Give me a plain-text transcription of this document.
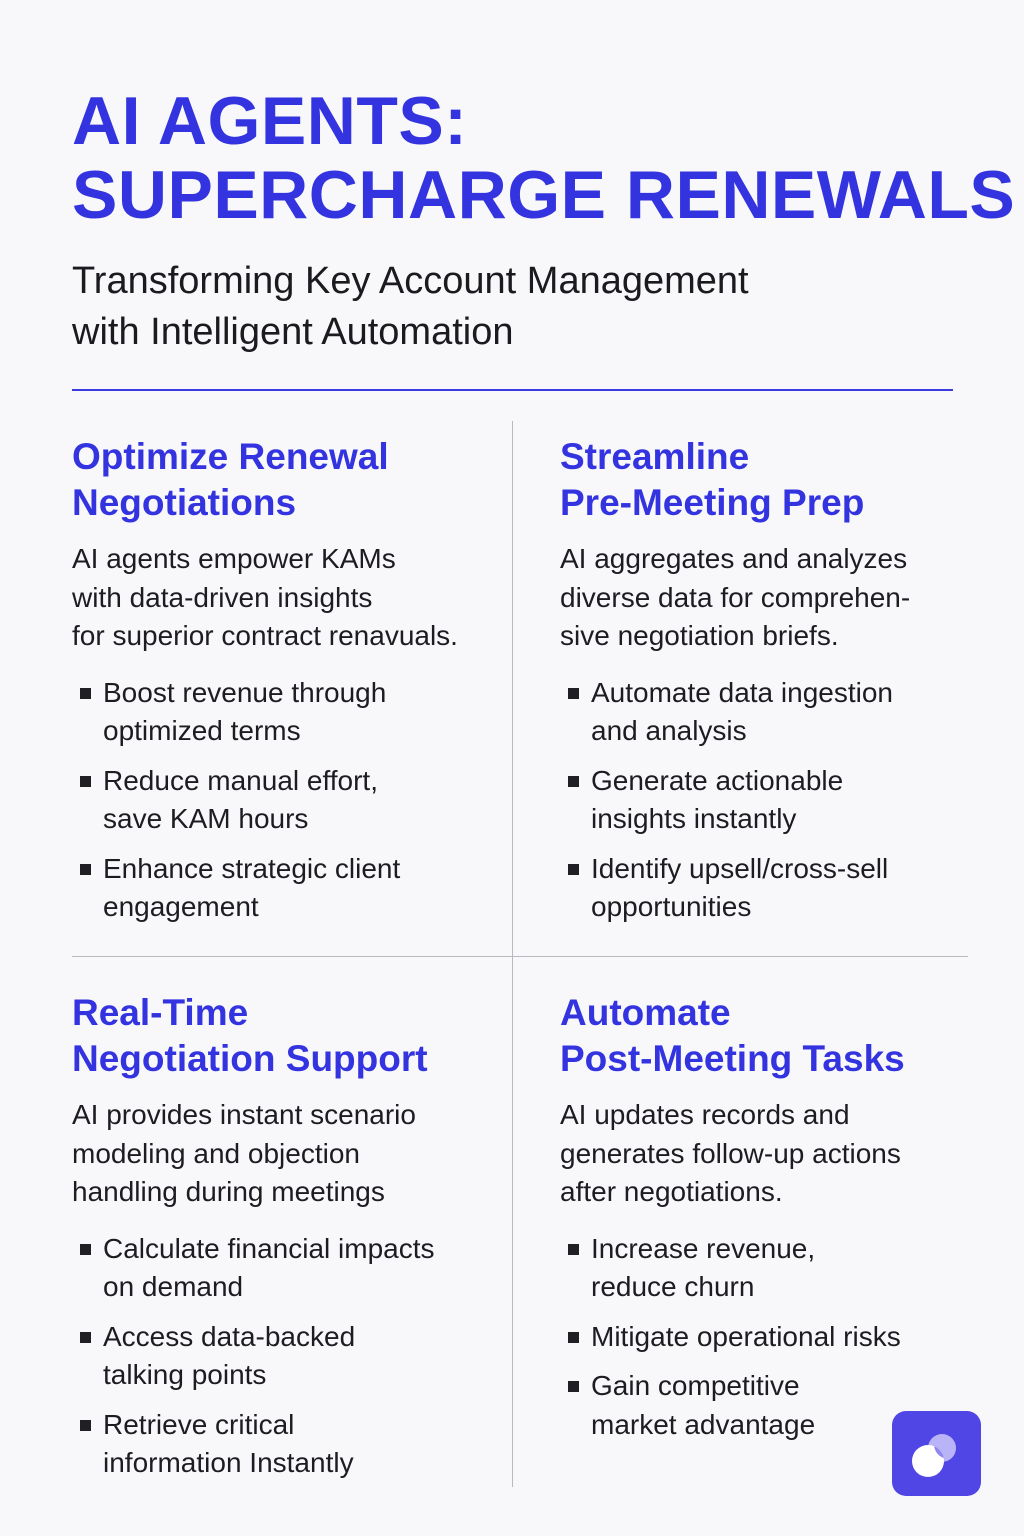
AI AGENTS:
SUPERCHARGE RENEWALS

Transforming Key Account Management
with Intelligent Automation

Optimize Renewal
Negotiations

AI agents empower KAMs
with data-driven insights
for superior contract renavuals.

Boost revenue through
optimized terms
Reduce manual effort,
save KAM hours
Enhance strategic client
engagement
Streamline
Pre-Meeting Prep

AI aggregates and analyzes
diverse data for comprehen-
sive negotiation briefs.

Automate data ingestion
and analysis
Generate actionable
insights instantly
Identify upsell/cross-sell
opportunities
Real-Time
Negotiation Support

AI provides instant scenario
modeling and objection
handling during meetings

Calculate financial impacts
on demand
Access data-backed
talking points
Retrieve critical
information Instantly
Automate
Post-Meeting Tasks

AI updates records and
generates follow-up actions
after negotiations.

Increase revenue,
reduce churn
Mitigate operational risks
Gain competitive
market advantage
